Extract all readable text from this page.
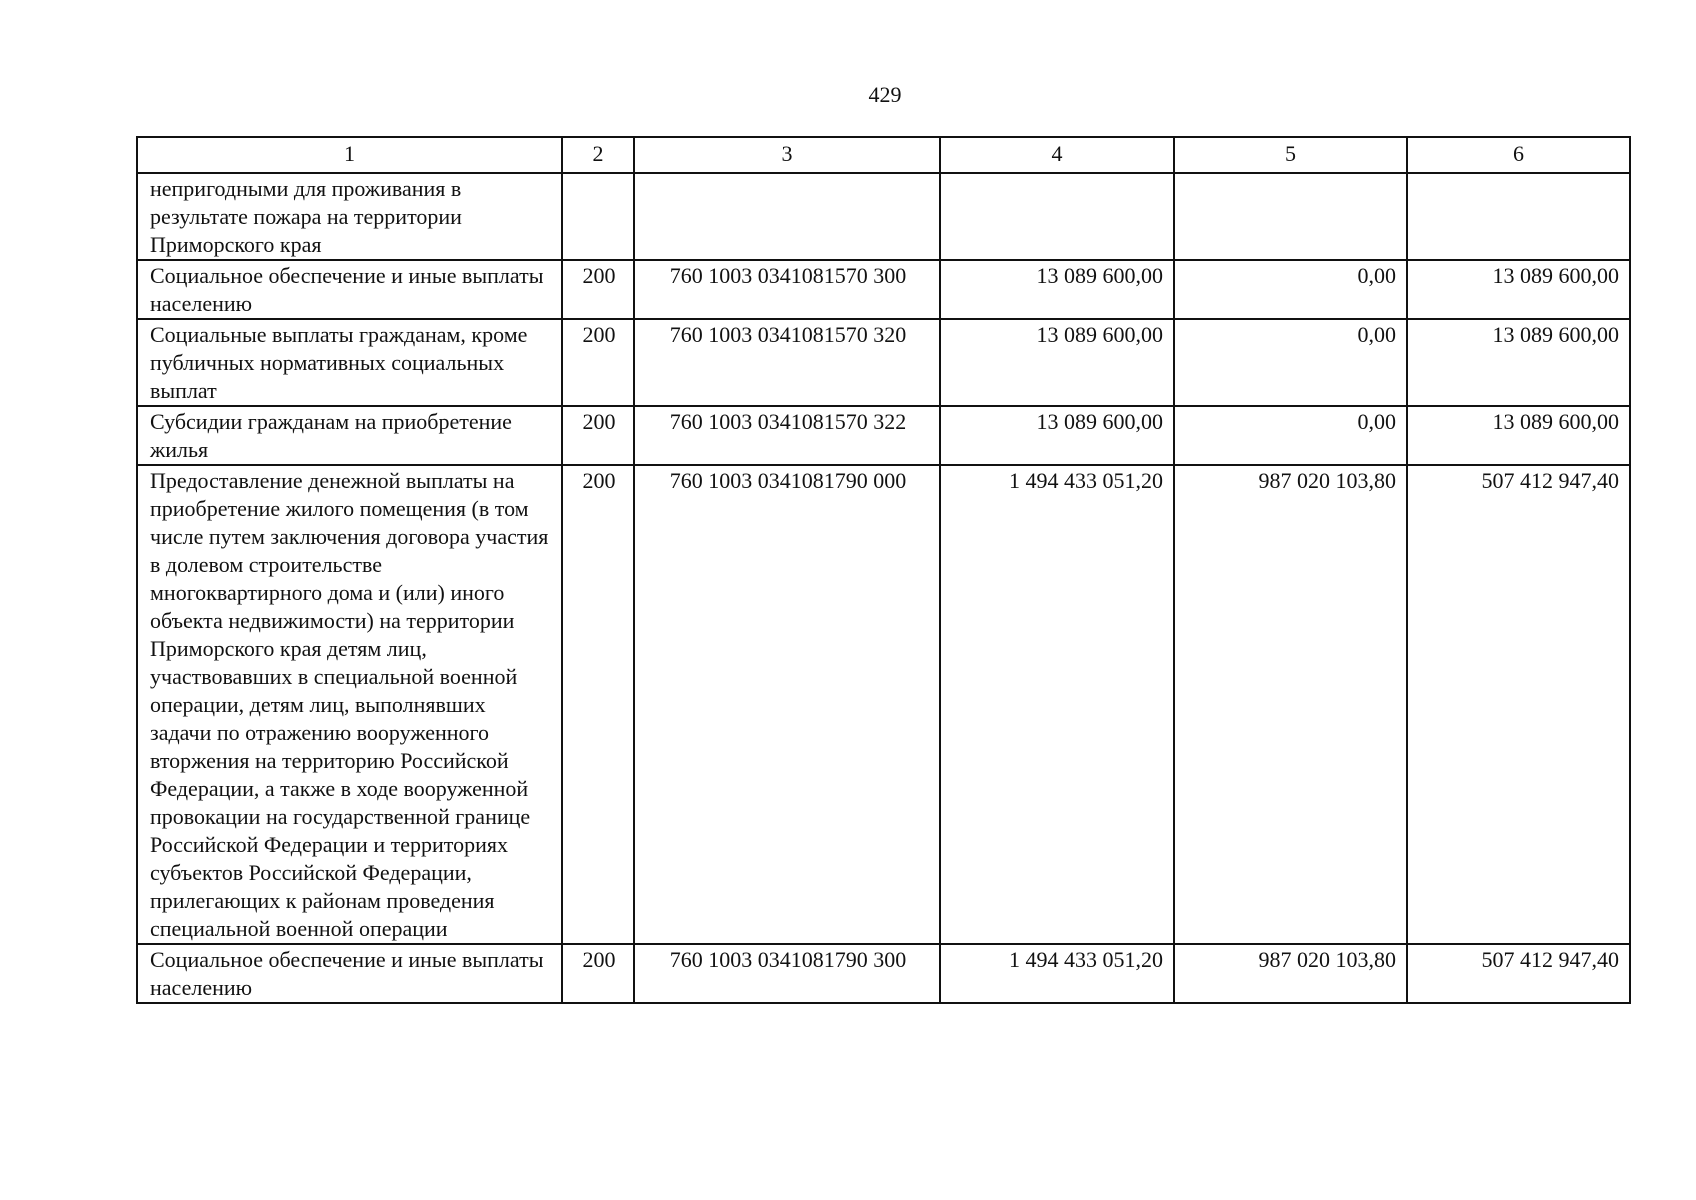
429
1	2	3	4	5	6
непригодными для проживания в результате пожара на территории Приморского края					
Социальное обеспечение и иные выплаты населению	200	760 1003 0341081570 300	13 089 600,00	0,00	13 089 600,00
Социальные выплаты гражданам, кроме публичных нормативных социальных выплат	200	760 1003 0341081570 320	13 089 600,00	0,00	13 089 600,00
Субсидии гражданам на приобретение жилья	200	760 1003 0341081570 322	13 089 600,00	0,00	13 089 600,00
Предоставление денежной выплаты на приобретение жилого помещения (в том числе путем заключения договора участия в долевом строительстве многоквартирного дома и (или) иного объекта недвижимости) на территории Приморского края детям лиц, участвовавших в специальной военной операции, детям лиц, выполнявших задачи по отражению вооруженного вторжения на территорию Российской Федерации, а также в ходе вооруженной провокации на государственной границе Российской Федерации и территориях субъектов Российской Федерации, прилегающих к районам проведения специальной военной операции	200	760 1003 0341081790 000	1 494 433 051,20	987 020 103,80	507 412 947,40
Социальное обеспечение и иные выплаты населению	200	760 1003 0341081790 300	1 494 433 051,20	987 020 103,80	507 412 947,40
